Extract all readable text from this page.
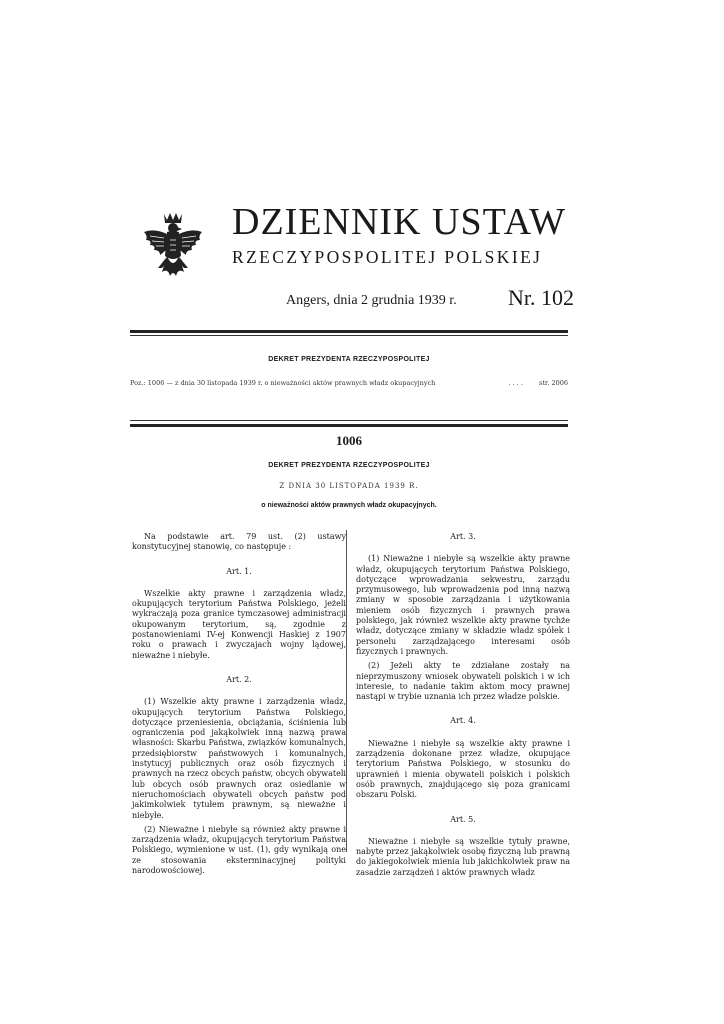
DZIENNIK USTAW
RZECZYPOSPOLITEJ POLSKIEJ
Angers, dnia 2 grudnia 1939 r. Nr. 102
DEKRET PREZYDENTA RZECZYPOSPOLITEJ
Poz.:
1006
— z dnia 30 listopada 1939 r. o nieważności aktów prawnych władz okupacyjnych	. . . . str. 2006
1006
DEKRET PREZYDENTA RZECZYPOSPOLITEJ
Z DNIA 30 LISTOPADA 1939 R.
o nieważności aktów prawnych władz okupacyjnych.

Na podstawie art. 79 ust. (2) ustawy konstytucyjnej stanowię, co następuje :

Art. 1.

Wszelkie akty prawne i zarządzenia władz, okupujących terytorium Państwa Polskiego, jeżeli wykraczają poza granice tymczasowej administracji okupowanym terytorium, są, zgodnie z postanowieniami IV-ej Konwencji Haskiej z 1907 roku o prawach i zwyczajach wojny lądowej, nieważne i niebyłe.

Art. 2.

(1) Wszelkie akty prawne i zarządzenia władz, okupujących terytorium Państwa Polskiego, dotyczące przeniesienia, obciążania, ściśnienia lub ograniczenia pod jakąkolwiek inną nazwą prawa własności: Skarbu Państwa, związków komunalnych, przedsiębiorstw państwowych i komunalnych, instytucyj publicznych oraz osób fizycznych i prawnych na rzecz obcych państw, obcych obywateli lub obcych osób prawnych oraz osiedlanie w nieruchomościach obywateli obcych państw pod jakimkolwiek tytułem prawnym, są nieważne i niebyłe.

(2) Nieważne i niebyłe są również akty prawne i zarządzenia władz, okupujących terytorium Państwa Polskiego, wymienione w ust. (1), gdy wynikają one ze stosowania eksterminacyjnej polityki narodowościowej.

Art. 3.

(1) Nieważne i niebyłe są wszelkie akty prawne władz, okupujących terytorium Państwa Polskiego, dotyczące wprowadzania sekwestru, zarządu przymusowego, lub wprowadzenia pod inną nazwą zmiany w sposobie zarządzania i użytkowania mieniem osób fizycznych i prawnych prawa polskiego, jak również wszelkie akty prawne tychże władz, dotyczące zmiany w składzie władz spółek i personelu zarządzającego interesami osób fizycznych i prawnych.

(2) Jeżeli akty te zdziałane zostały na nieprzymuszony wniosek obywateli polskich i w ich interesie, to nadanie takim aktom mocy prawnej nastąpi w trybie uznania ich przez władze polskie.

Art. 4.

Nieważne i niebyłe są wszelkie akty prawne i zarządzenia dokonane przez władze, okupujące terytorium Państwa Polskiego, w stosunku do uprawnień i mienia obywateli polskich i polskich osób prawnych, znajdującego się poza granicami obszaru Polski.

Art. 5.

Nieważne i niebyłe są wszelkie tytuły prawne, nabyte przez jakąkolwiek osobę fizyczną lub prawną do jakiegokolwiek mienia lub jakichkolwiek praw na zasadzie zarządzeń i aktów prawnych władz
